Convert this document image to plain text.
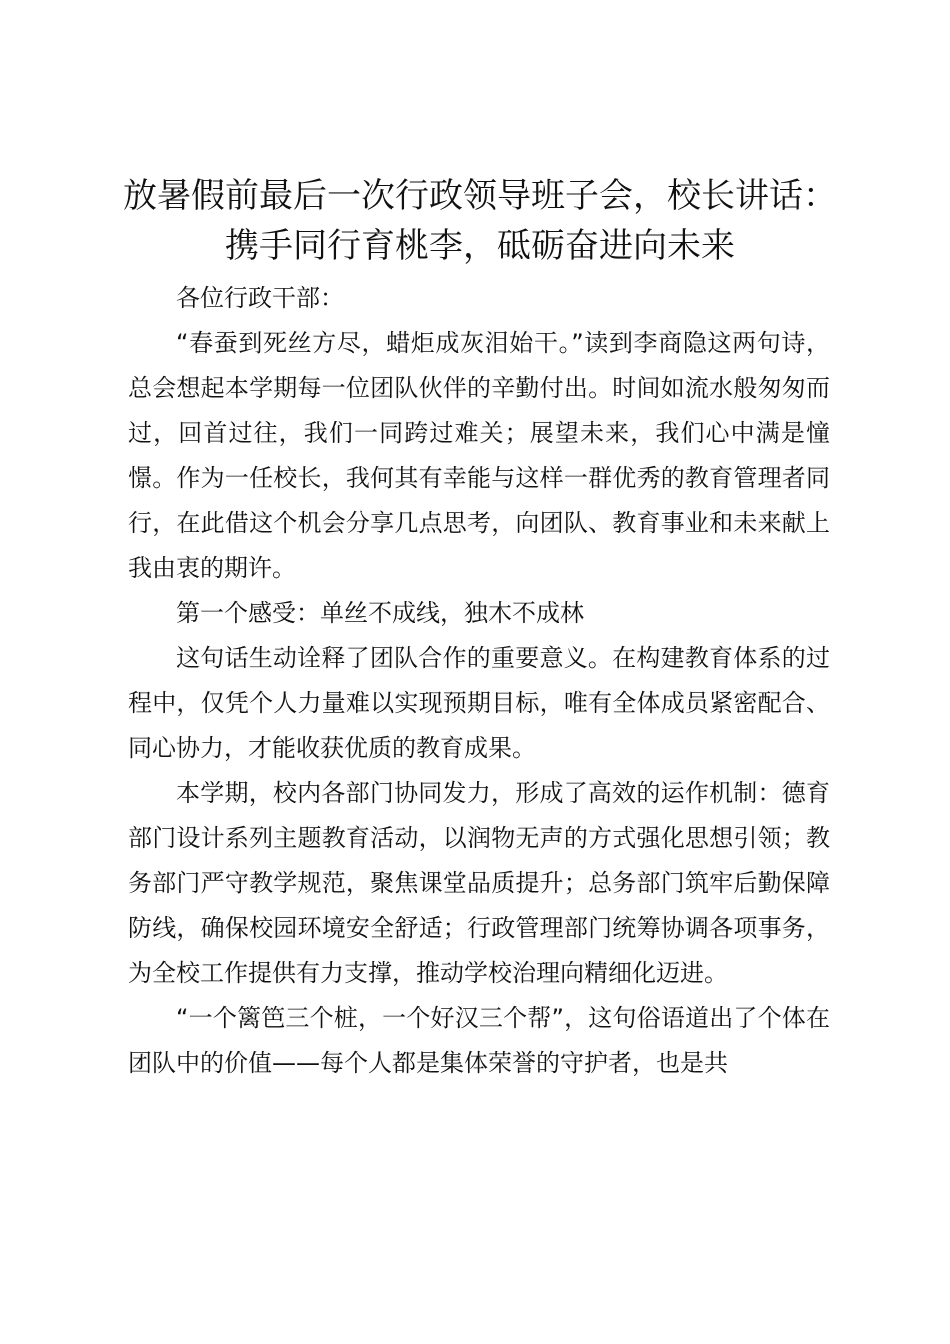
放暑假前最后一次行政领导班子会，校长讲话：
携手同行育桃李，砥砺奋进向未来

各位行政干部：

“春蚕到死丝方尽，蜡炬成灰泪始干。”读到李商隐这两句诗，总会想起本学期每一位团队伙伴的辛勤付出。时间如流水般匆匆而过，回首过往，我们一同跨过难关；展望未来，我们心中满是憧憬。作为一任校长，我何其有幸能与这样一群优秀的教育管理者同行，在此借这个机会分享几点思考，向团队、教育事业和未来献上我由衷的期许。

第一个感受：单丝不成线，独木不成林

这句话生动诠释了团队合作的重要意义。在构建教育体系的过程中，仅凭个人力量难以实现预期目标，唯有全体成员紧密配合、同心协力，才能收获优质的教育成果。

本学期，校内各部门协同发力，形成了高效的运作机制：德育部门设计系列主题教育活动，以润物无声的方式强化思想引领；教务部门严守教学规范，聚焦课堂品质提升；总务部门筑牢后勤保障防线，确保校园环境安全舒适；行政管理部门统筹协调各项事务，为全校工作提供有力支撑，推动学校治理向精细化迈进。

“一个篱笆三个桩，一个好汉三个帮”，这句俗语道出了个体在团队中的价值——每个人都是集体荣誉的守护者，也是共
